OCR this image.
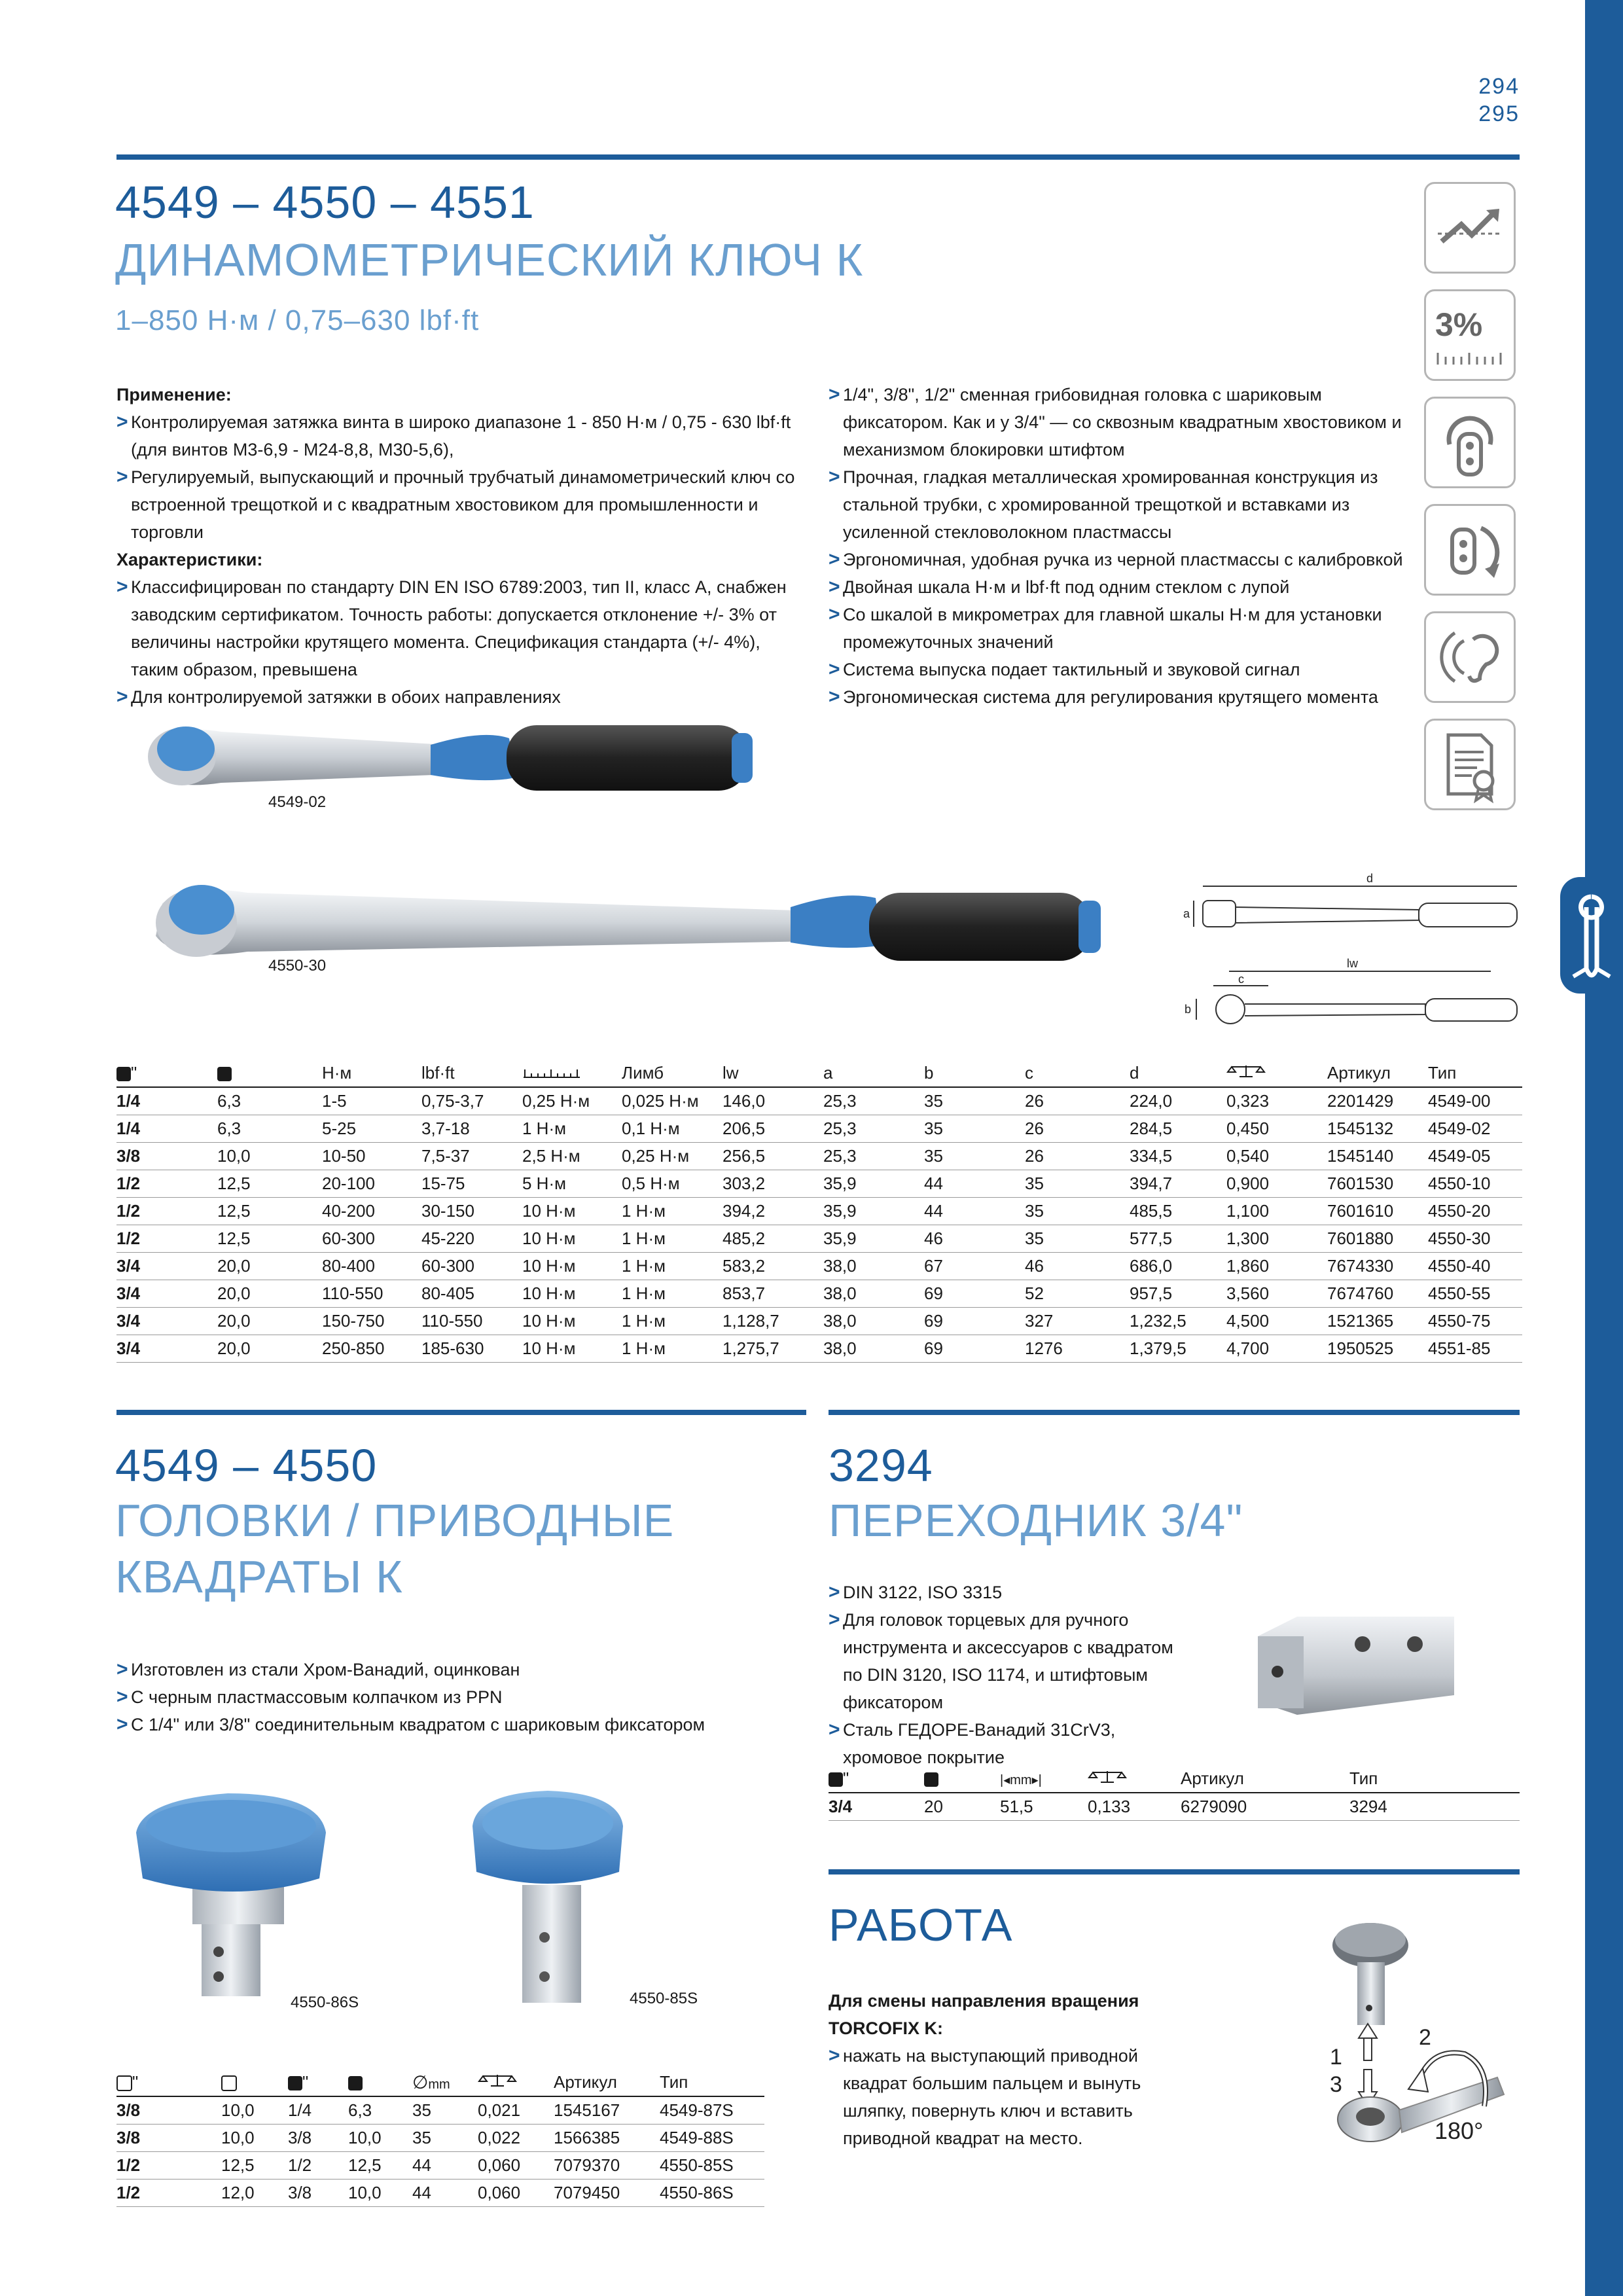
294
295
4549 – 4550 – 4551
ДИНАМОМЕТРИЧЕСКИЙ КЛЮЧ К
1–850 Н·м / 0,75–630 lbf·ft	3%
Применение:
> Контролируемая затяжка винта в широко диапазоне 1 - 850 Н·м / 0,75 - 630 lbf·ft (для винтов М3-6,9 - М24-8,8, М30-5,6),
> Регулируемый, выпускающий и прочный трубчатый динамометрический ключ со встроенной трещоткой и с квадратным хвостовиком для промышленности и торговли
Характеристики:
> Классифицирован по стандарту DIN EN ISO 6789:2003, тип II, класс А, снабжен заводским сертификатом. Точность работы: допускается отклонение +/- 3% от величины настройки крутящего момента. Спецификация стандарта (+/- 4%), таким образом, превышена
> Для контролируемой затяжки в обоих направлениях
> 1/4", 3/8", 1/2" сменная грибовидная головка с шариковым фиксатором. Как и у 3/4" — со сквозным квадратным хвостовиком и механизмом блокировки штифтом
> Прочная, гладкая металлическая хромированная конструкция из стальной трубки, с хромированной трещоткой и вставками из усиленной стекловолокном пластмассы
> Эргономичная, удобная ручка из черной пластмассы с калибровкой
> Двойная шкала Н·м и lbf·ft под одним стеклом с лупой
> Со шкалой в микрометрах для главной шкалы Н·м для установки промежуточных значений
> Система выпуска подает тактильный и звуковой сигнал
> Эргономическая система для регулирования крутящего момента
4549-02
4550-30
d
a
c
lw
b
"		Н·м	lbf·ft		Лимб	lw	a	b	c	d		Артикул	Тип
1/4	6,3	1-5	0,75-3,7	0,25 Н·м	0,025 Н·м	146,0	25,3	35	26	224,0	0,323	2201429	4549-00
1/4	6,3	5-25	3,7-18	1 Н·м	0,1 Н·м	206,5	25,3	35	26	284,5	0,450	1545132	4549-02
3/8	10,0	10-50	7,5-37	2,5 Н·м	0,25 Н·м	256,5	25,3	35	26	334,5	0,540	1545140	4549-05
1/2	12,5	20-100	15-75	5 Н·м	0,5 Н·м	303,2	35,9	44	35	394,7	0,900	7601530	4550-10
1/2	12,5	40-200	30-150	10 Н·м	1 Н·м	394,2	35,9	44	35	485,5	1,100	7601610	4550-20
1/2	12,5	60-300	45-220	10 Н·м	1 Н·м	485,2	35,9	46	35	577,5	1,300	7601880	4550-30
3/4	20,0	80-400	60-300	10 Н·м	1 Н·м	583,2	38,0	67	46	686,0	1,860	7674330	4550-40
3/4	20,0	110-550	80-405	10 Н·м	1 Н·м	853,7	38,0	69	52	957,5	3,560	7674760	4550-55
3/4	20,0	150-750	110-550	10 Н·м	1 Н·м	1,128,7	38,0	69	327	1,232,5	4,500	1521365	4550-75
3/4	20,0	250-850	185-630	10 Н·м	1 Н·м	1,275,7	38,0	69	1276	1,379,5	4,700	1950525	4551-85
4549 – 4550
ГОЛОВКИ / ПРИВОДНЫЕ
КВАДРАТЫ К
> Изготовлен из стали Хром-Ванадий, оцинкован
> С черным пластмассовым колпачком из PPN
> С 1/4" или 3/8" соединительным квадратом с шариковым фиксатором
4550-86S	4550-85S
"		"		∅mm		Артикул	Тип
3/8	10,0	1/4	6,3	35	0,021	1545167	4549-87S
3/8	10,0	3/8	10,0	35	0,022	1566385	4549-88S
1/2	12,5	1/2	12,5	44	0,060	7079370	4550-85S
1/2	12,0	3/8	10,0	44	0,060	7079450	4550-86S
3294
ПЕРЕХОДНИК 3/4"
> DIN 3122, ISO 3315
> Для головок торцевых для ручного инструмента и аксессуаров с квадратом по DIN 3120, ISO 1174, и штифтовым фиксатором
> Сталь ГЕДОРЕ-Ванадий 31CrV3, хромовое покрытие
"		|◂mm▸|		Артикул	Тип
3/4	20	51,5	0,133	6279090	3294
РАБОТА
Для смены направления вращения
TORCOFIX K:
> нажать на выступающий приводной квадрат большим пальцем и вынуть шляпку, повернуть ключ и вставить приводной квадрат на место.
1
2
3
180°
